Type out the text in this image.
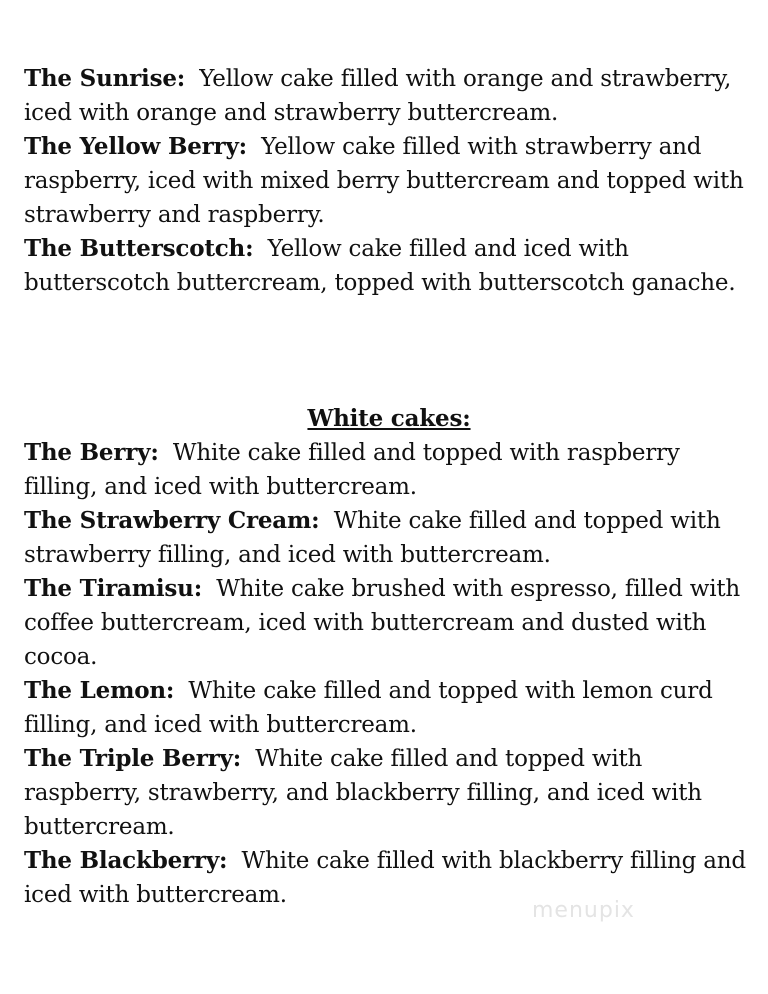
The Sunrise: Yellow cake filled with orange and strawberry, iced with orange and strawberry buttercream.

The Yellow Berry: Yellow cake filled with strawberry and raspberry, iced with mixed berry buttercream and topped with strawberry and raspberry.

The Butterscotch: Yellow cake filled and iced with butterscotch buttercream, topped with butterscotch ganache.

White cakes:

The Berry: White cake filled and topped with raspberry filling, and iced with buttercream.

The Strawberry Cream: White cake filled and topped with strawberry filling, and iced with buttercream.

The Tiramisu: White cake brushed with espresso, filled with coffee buttercream, iced with buttercream and dusted with cocoa.

The Lemon: White cake filled and topped with lemon curd filling, and iced with buttercream.

The Triple Berry: White cake filled and topped with raspberry, strawberry, and blackberry filling, and iced with buttercream.

The Blackberry: White cake filled with blackberry filling and iced with buttercream.

menupix
